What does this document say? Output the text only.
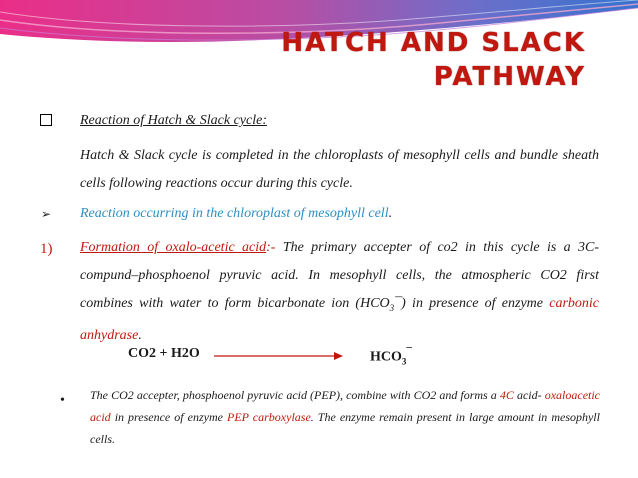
HATCH AND SLACK
PATHWAY
Reaction of Hatch & Slack cycle:
Hatch & Slack cycle is completed in the chloroplasts of mesophyll cells and bundle sheath cells following reactions occur during this cycle.
➢ Reaction occurring in the chloroplast of mesophyll cell.
1) Formation of oxalo-acetic acid:- The primary accepter of co2 in this cycle is a 3C-compund–phosphoenol pyruvic acid. In mesophyll cells, the atmospheric CO2 first combines with water to form bicarbonate ion $(HCO_3¯)$ in presence of enzyme carbonic anhydrase.
CO2 + H2O	$HCO_3^¯$
• The CO2 accepter, phosphoenol pyruvic acid (PEP), combine with CO2 and forms a 4C acid- oxaloacetic acid in presence of enzyme PEP carboxylase. The enzyme remain present in large amount in mesophyll cells.
